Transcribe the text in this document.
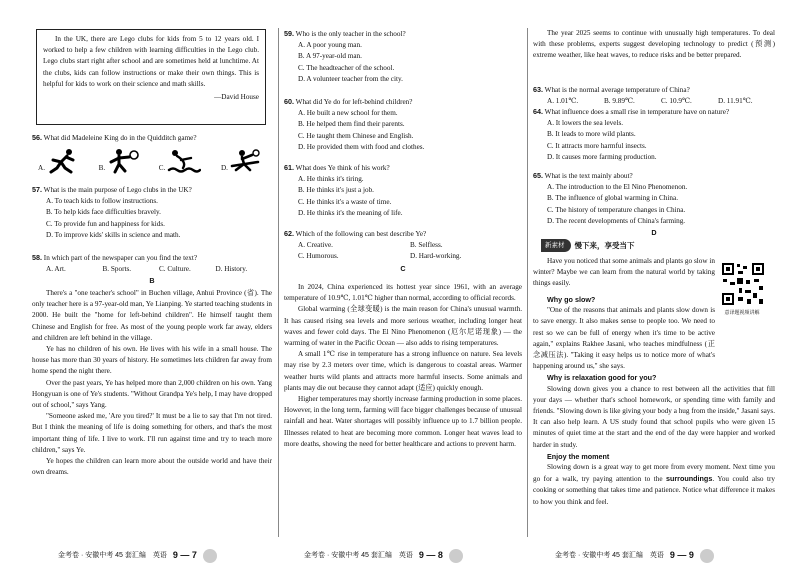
In the UK, there are Lego clubs for kids from 5 to 12 years old. I worked to help a few children with learning difficulties in the Lego club. Lego clubs start right after school and are sometimes held at lunchtime. At the clubs, kids can follow instructions or make their own things. This is helpful for kids to work on their science and math skills.

—David House

56. What did Madeleine King do in the Quidditch game?

A.	B.	C.	D.

57. What is the main purpose of Lego clubs in the UK?

A. To teach kids to follow instructions.

B. To help kids face difficulties bravely.

C. To provide fun and happiness for kids.

D. To improve kids' skills in science and math.

58. In which part of the newspaper can you find the text?

A. Art.	B. Sports.	C. Culture.	D. History.

B

There's a "one teacher's school" in Buchen village, Anhui Province (省). The only teacher here is a 97-year-old man, Ye Lianping. Ye started teaching students in 2000. He built the "home for left-behind children". He himself taught them Chinese and English for free. As most of the young people work far away, elders and children are left behind in the village.

Ye has no children of his own. He lives with his wife in a small house. The house has more than 30 years of history. He sometimes lets children far away from home spend the night there.

Over the past years, Ye has helped more than 2,000 children on his own. Yang Hongyuan is one of Ye's students. "Without Grandpa Ye's help, I may have dropped out of school," says Yang.

"Someone asked me, 'Are you tired?' It must be a lie to say that I'm not tired. But I think the meaning of life is doing something for others, and that's the most important thing of life. I live to work. I'll run against time and try to teach more children," says Ye.

Ye hopes the children can learn more about the outside world and have their own dreams.

金考卷 · 安徽中考 45 套汇编　英语 9 — 7

59. Who is the only teacher in the school?

A. A poor young man.

B. A 97-year-old man.

C. The headteacher of the school.

D. A volunteer teacher from the city.

60. What did Ye do for left-behind children?

A. He built a new school for them.

B. He helped them find their parents.

C. He taught them Chinese and English.

D. He provided them with food and clothes.

61. What does Ye think of his work?

A. He thinks it's tiring.

B. He thinks it's just a job.

C. He thinks it's a waste of time.

D. He thinks it's the meaning of life.

62. Which of the following can best describe Ye?

A. Creative.	B. Selfless.
C. Humorous.	D. Hard-working.

C

In 2024, China experienced its hottest year since 1961, with an average temperature of 10.9℃, 1.01℃ higher than normal, according to official records.

Global warming (全球变暖) is the main reason for China's unusual warmth. It has caused rising sea levels and more serious weather, including longer heat waves and fewer cold days. The El Nino Phenomenon (厄尔尼诺现象) — the warming of water in the Pacific Ocean — also adds to rising temperatures.

A small 1℃ rise in temperature has a strong influence on nature. Sea levels may rise by 2.3 meters over time, which is dangerous to coastal areas. Warmer weather hurts wild plants and attracts more harmful insects. Some animals and plants may die out because they cannot adapt (适应) quickly enough.

Higher temperatures may shortly increase farming production in some places. However, in the long term, farming will face bigger challenges because of unusual rainfall and heat. Water shortages will possibly influence up to 1.7 billion people. Illnesses related to heat are becoming more common. Longer heat waves lead to more deaths, showing the need for better healthcare and actions to prevent harm.

金考卷 · 安徽中考 45 套汇编　英语 9 — 8

The year 2025 seems to continue with unusually high temperatures. To deal with these problems, experts suggest developing technology to predict (预测) extreme weather, like heat waves, to reduce risks and be better prepared.

63. What is the normal average temperature of China?

A. 1.01℃.	B. 9.89℃.	C. 10.9℃.	D. 11.91℃.

64. What influence does a small rise in temperature have on nature?

A. It lowers the sea levels.

B. It leads to more wild plants.

C. It attracts more harmful insects.

D. It causes more farming production.

65. What is the text mainly about?

A. The introduction to the El Nino Phenomenon.

B. The influence of global warming in China.

C. The history of temperature changes in China.

D. The recent developments of China's farming.

D

新素材	慢下来，享受当下
意译题视频讲解

Have you noticed that some animals and plants go slow in winter? Maybe we can learn from the natural world by taking things easily.

Why go slow?

"One of the reasons that animals and plants slow down is to save energy. It also makes sense to people too. We need to rest so we can be full of energy when it's time to be active again," explains Rakhee Jasani, who teaches mindfulness (正念减压法). "Taking it easy helps us to notice more of what's happening around us," she says.

Why is relaxation good for you?

Slowing down gives you a chance to rest between all the activities that fill your days — whether that's school homework, or spending time with family and friends. "Slowing down is like giving your body a hug from the inside," Jasani says. It can also help learn. A US study found that school pupils who were given 15 minutes of quiet time at the start and the end of the day were happier and worked harder in study.

Enjoy the moment

Slowing down is a great way to get more from every moment. Next time you go for a walk, try paying attention to the surroundings. You could also try cooking or something that takes time and patience. Notice what difference it makes to how you think and feel.

金考卷 · 安徽中考 45 套汇编　英语 9 — 9
